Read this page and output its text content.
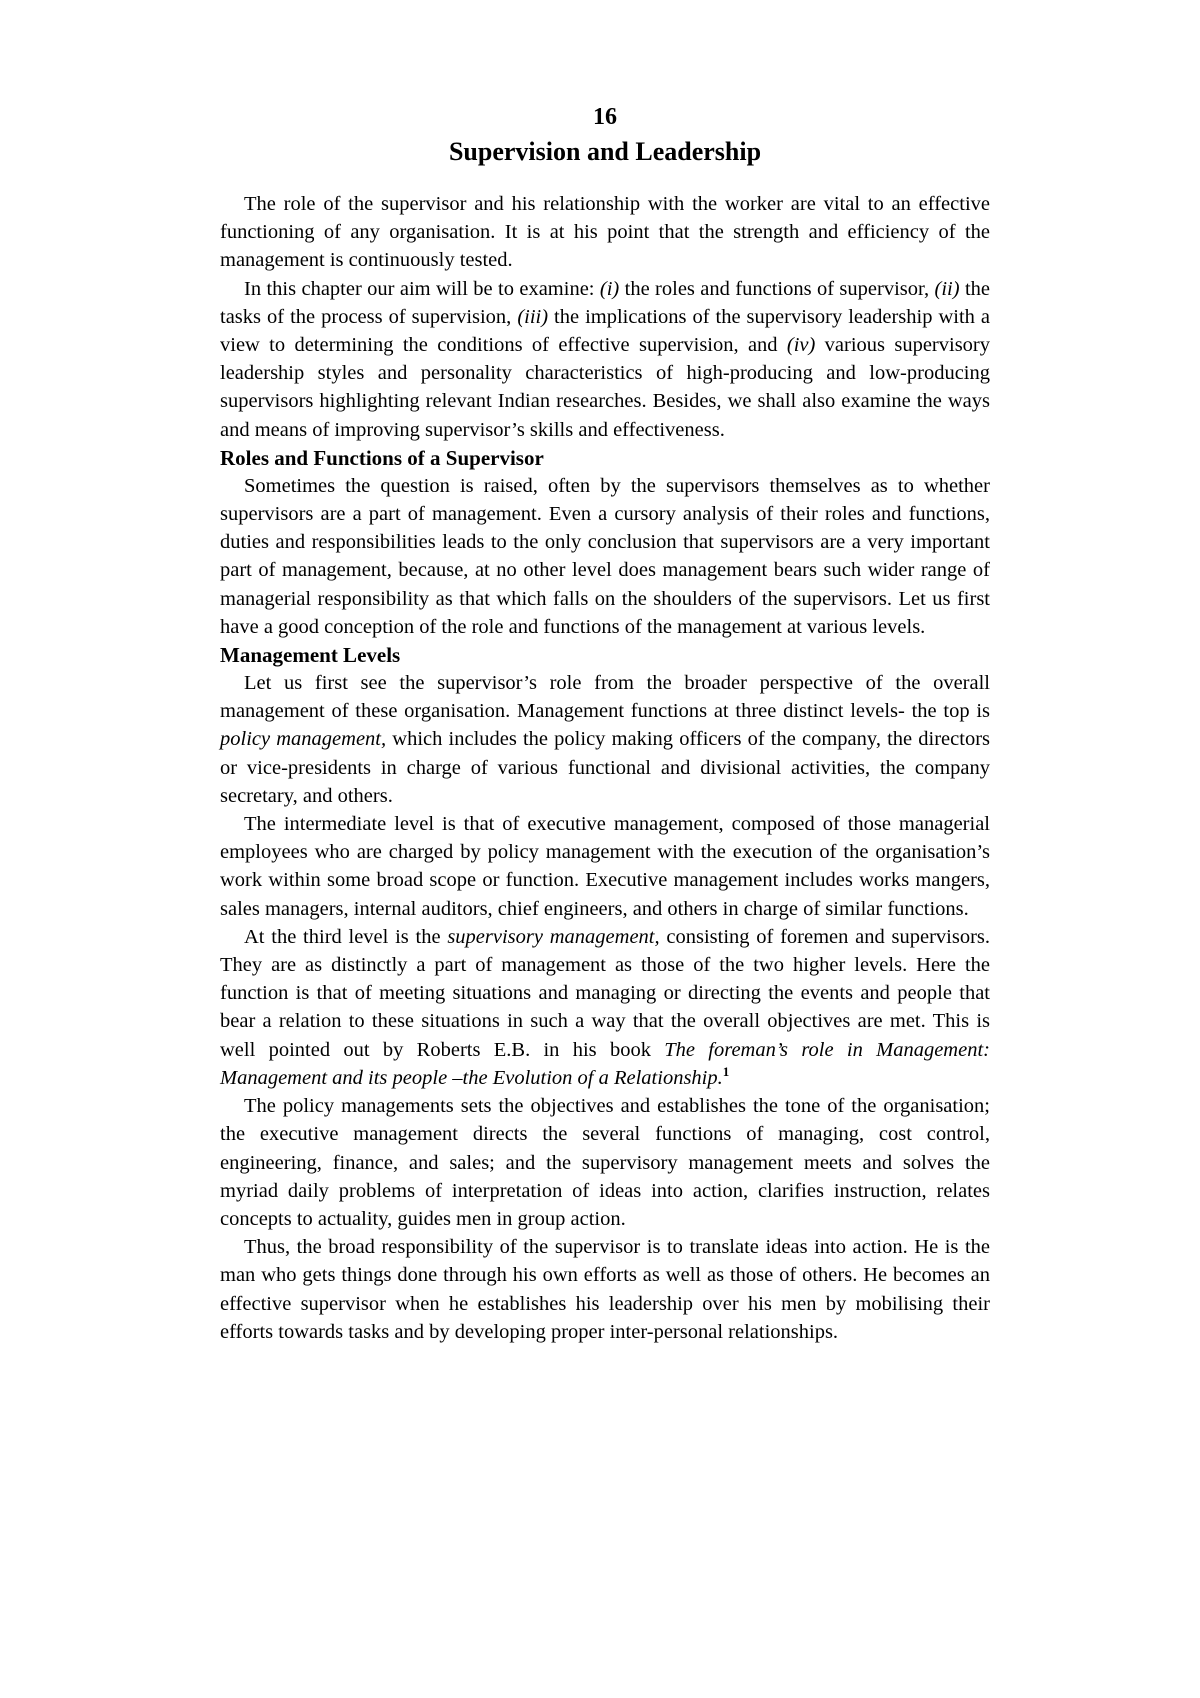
16
Supervision and Leadership

The role of the supervisor and his relationship with the worker are vital to an effective functioning of any organisation. It is at his point that the strength and efficiency of the management is continuously tested.

In this chapter our aim will be to examine: (i) the roles and functions of supervisor, (ii) the tasks of the process of supervision, (iii) the implications of the supervisory leadership with a view to determining the conditions of effective supervision, and (iv) various supervisory leadership styles and personality characteristics of high-producing and low-producing supervisors highlighting relevant Indian researches. Besides, we shall also examine the ways and means of improving supervisor’s skills and effectiveness.

Roles and Functions of a Supervisor

Sometimes the question is raised, often by the supervisors themselves as to whether supervisors are a part of management. Even a cursory analysis of their roles and functions, duties and responsibilities leads to the only conclusion that supervisors are a very important part of management, because, at no other level does management bears such wider range of managerial responsibility as that which falls on the shoulders of the supervisors. Let us first have a good conception of the role and functions of the management at various levels.

Management Levels

Let us first see the supervisor’s role from the broader perspective of the overall management of these organisation. Management functions at three distinct levels- the top is policy management, which includes the policy making officers of the company, the directors or vice-presidents in charge of various functional and divisional activities, the company secretary, and others.

The intermediate level is that of executive management, composed of those managerial employees who are charged by policy management with the execution of the organisation’s work within some broad scope or function. Executive management includes works mangers, sales managers, internal auditors, chief engineers, and others in charge of similar functions.

At the third level is the supervisory management, consisting of foremen and supervisors. They are as distinctly a part of management as those of the two higher levels. Here the function is that of meeting situations and managing or directing the events and people that bear a relation to these situations in such a way that the overall objectives are met. This is well pointed out by Roberts E.B. in his book The foreman’s role in Management: Management and its people –the Evolution of a Relationship.$^1$

The policy managements sets the objectives and establishes the tone of the organisation; the executive management directs the several functions of managing, cost control, engineering, finance, and sales; and the supervisory management meets and solves the myriad daily problems of interpretation of ideas into action, clarifies instruction, relates concepts to actuality, guides men in group action.

Thus, the broad responsibility of the supervisor is to translate ideas into action. He is the man who gets things done through his own efforts as well as those of others. He becomes an effective supervisor when he establishes his leadership over his men by mobilising their efforts towards tasks and by developing proper inter-personal relationships.
